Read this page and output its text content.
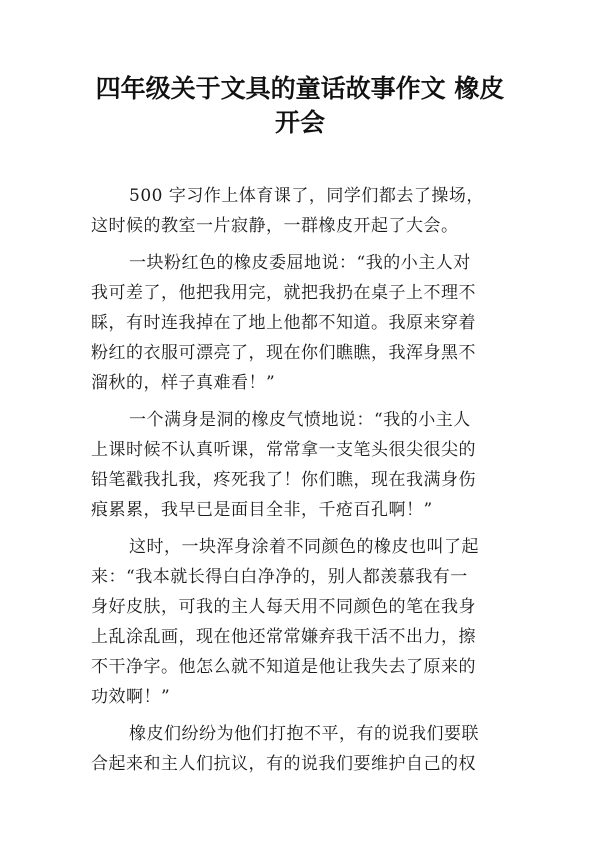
四年级关于文具的童话故事作文 橡皮
开会
500 字习作上体育课了，同学们都去了操场，
这时候的教室一片寂静，一群橡皮开起了大会。
一块粉红色的橡皮委屈地说：“我的小主人对
我可差了，他把我用完，就把我扔在桌子上不理不
睬，有时连我掉在了地上他都不知道。我原来穿着
粉红的衣服可漂亮了，现在你们瞧瞧，我浑身黑不
溜秋的，样子真难看！”
一个满身是洞的橡皮气愤地说：“我的小主人
上课时候不认真听课，常常拿一支笔头很尖很尖的
铅笔戳我扎我，疼死我了！你们瞧，现在我满身伤
痕累累，我早已是面目全非，千疮百孔啊！”
这时，一块浑身涂着不同颜色的橡皮也叫了起
来：“我本就长得白白净净的，别人都羡慕我有一
身好皮肤，可我的主人每天用不同颜色的笔在我身
上乱涂乱画，现在他还常常嫌弃我干活不出力，擦
不干净字。他怎么就不知道是他让我失去了原来的
功效啊！”
橡皮们纷纷为他们打抱不平，有的说我们要联
合起来和主人们抗议，有的说我们要维护自己的权
